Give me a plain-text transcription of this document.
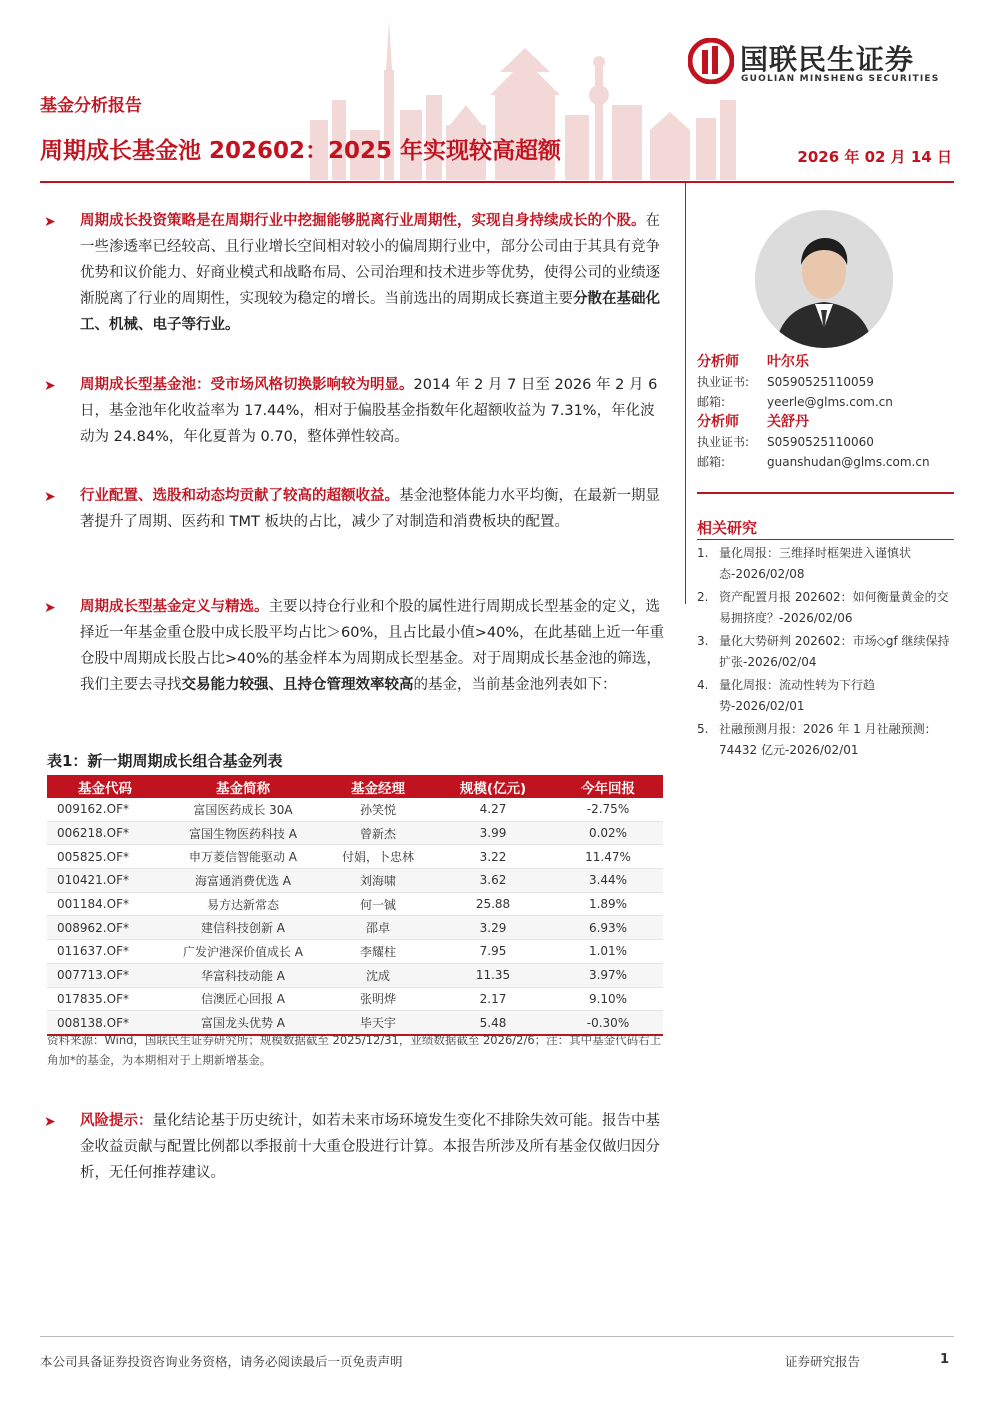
国联民生证券
GUOLIAN MINSHENG SECURITIES
基金分析报告
周期成长基金池 202602：2025 年实现较高超额	2026 年 02 月 14 日

➤ 周期成长投资策略是在周期行业中挖掘能够脱离行业周期性，实现自身持续成长的个股。在一些渗透率已经较高、且行业增长空间相对较小的偏周期行业中，部分公司由于其具有竞争优势和议价能力、好商业模式和战略布局、公司治理和技术进步等优势，使得公司的业绩逐渐脱离了行业的周期性，实现较为稳定的增长。当前选出的周期成长赛道主要分散在基础化工、机械、电子等行业。

➤ 周期成长型基金池：受市场风格切换影响较为明显。2014 年 2 月 7 日至 2026 年 2 月 6 日，基金池年化收益率为 17.44%，相对于偏股基金指数年化超额收益为 7.31%，年化波动为 24.84%，年化夏普为 0.70，整体弹性较高。

➤ 行业配置、选股和动态均贡献了较高的超额收益。基金池整体能力水平均衡，在最新一期显著提升了周期、医药和 TMT 板块的占比，减少了对制造和消费板块的配置。

➤ 周期成长型基金定义与精选。主要以持仓行业和个股的属性进行周期成长型基金的定义，选择近一年基金重仓股中成长股平均占比＞60%，且占比最小值>40%，在此基础上近一年重仓股中周期成长股占比>40%的基金样本为周期成长型基金。对于周期成长基金池的筛选，我们主要去寻找交易能力较强、且持仓管理效率较高的基金，当前基金池列表如下：

➤ 风险提示：量化结论基于历史统计，如若未来市场环境发生变化不排除失效可能。报告中基金收益贡献与配置比例都以季报前十大重仓股进行计算。本报告所涉及所有基金仅做归因分析，无任何推荐建议。

表1：新一期周期成长组合基金列表
基金代码	基金简称	基金经理	规模(亿元)	今年回报
009162.OF*	富国医药成长 30A	孙笑悦	4.27	-2.75%
006218.OF*	富国生物医药科技 A	曾新杰	3.99	0.02%
005825.OF*	申万菱信智能驱动 A	付娟，卜忠林	3.22	11.47%
010421.OF*	海富通消费优选 A	刘海啸	3.62	3.44%
001184.OF*	易方达新常态	何一铖	25.88	1.89%
008962.OF*	建信科技创新 A	邵卓	3.29	6.93%
011637.OF*	广发沪港深价值成长 A	李耀柱	7.95	1.01%
007713.OF*	华富科技动能 A	沈成	11.35	3.97%
017835.OF*	信澳匠心回报 A	张明烨	2.17	9.10%
008138.OF*	富国龙头优势 A	毕天宇	5.48	-0.30%
资料来源：Wind，国联民生证券研究所；规模数据截至 2025/12/31，业绩数据截至 2026/2/6；注：其中基金代码右上角加*的基金，为本期相对于上期新增基金。
分析师 叶尔乐
执业证书: S0590525110059
邮箱:	yeerle@glms.com.cn
分析师 关舒丹
执业证书: S0590525110060
邮箱:	guanshudan@glms.com.cn
相关研究
1. 量化周报：三维择时框架进入谨慎状态-2026/02/08
2. 资产配置月报 202602：如何衡量黄金的交易拥挤度？-2026/02/06
3. 量化大势研判 202602：市场◇gf 继续保持扩张-2026/02/04
4. 量化周报：流动性转为下行趋势-2026/02/01
5. 社融预测月报：2026 年 1 月社融预测：74432 亿元-2026/02/01
本公司具备证券投资咨询业务资格，请务必阅读最后一页免责声明	证券研究报告	1
